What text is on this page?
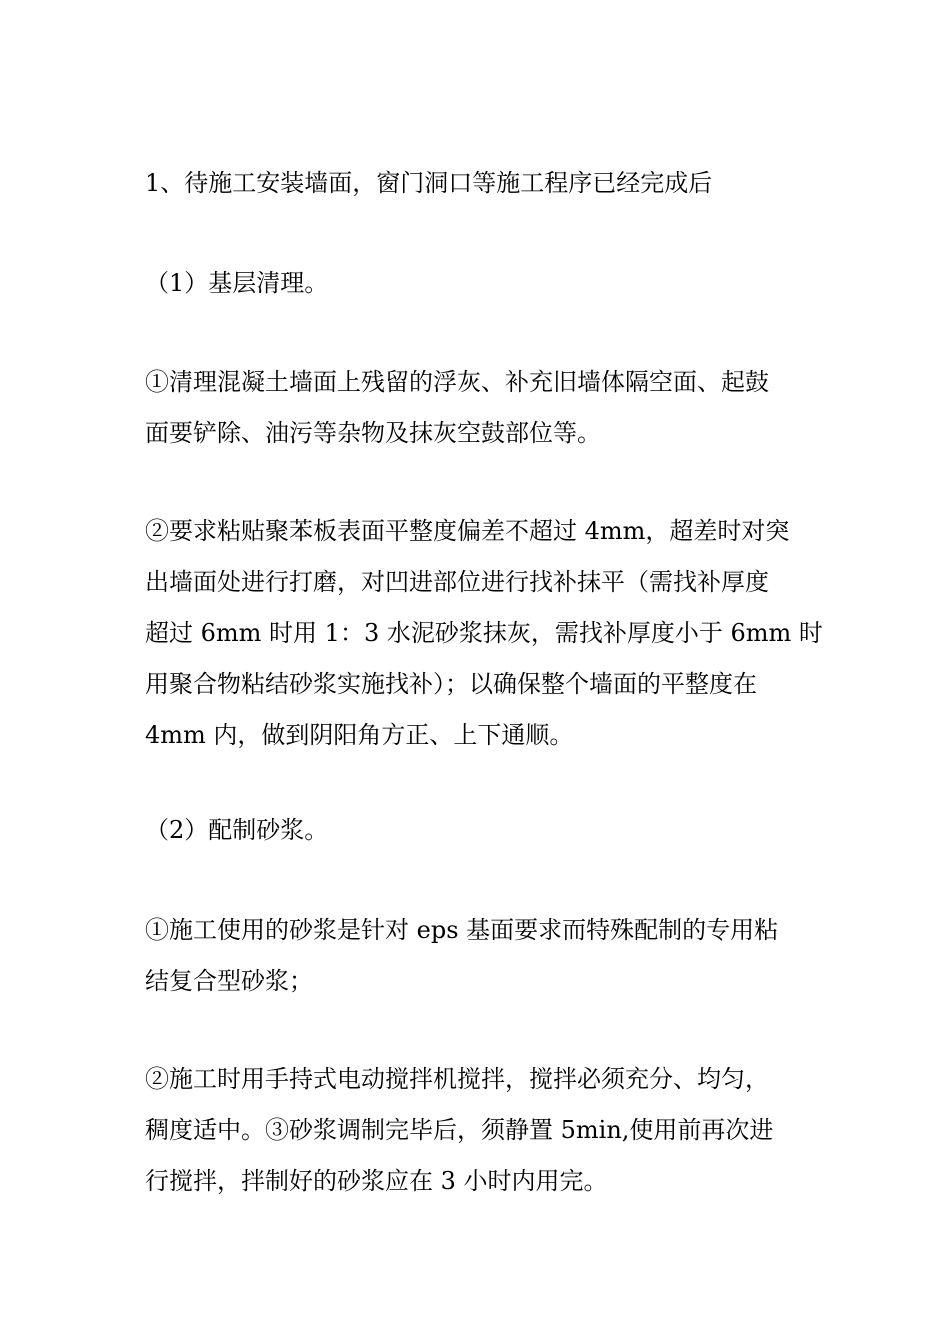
1、待施工安装墙面，窗门洞口等施工程序已经完成后

（1）基层清理。

①清理混凝土墙面上残留的浮灰、补充旧墙体隔空面、起鼓
面要铲除、油污等杂物及抹灰空鼓部位等。

②要求粘贴聚苯板表面平整度偏差不超过 4mm，超差时对突
出墙面处进行打磨，对凹进部位进行找补抹平（需找补厚度
超过 6mm 时用 1：3 水泥砂浆抹灰，需找补厚度小于 6mm 时
用聚合物粘结砂浆实施找补）；以确保整个墙面的平整度在
4mm 内，做到阴阳角方正、上下通顺。

（2）配制砂浆。

①施工使用的砂浆是针对 eps 基面要求而特殊配制的专用粘
结复合型砂浆；

②施工时用手持式电动搅拌机搅拌，搅拌必须充分、均匀，
稠度适中。③砂浆调制完毕后，须静置 5min,使用前再次进
行搅拌，拌制好的砂浆应在 3 小时内用完。
